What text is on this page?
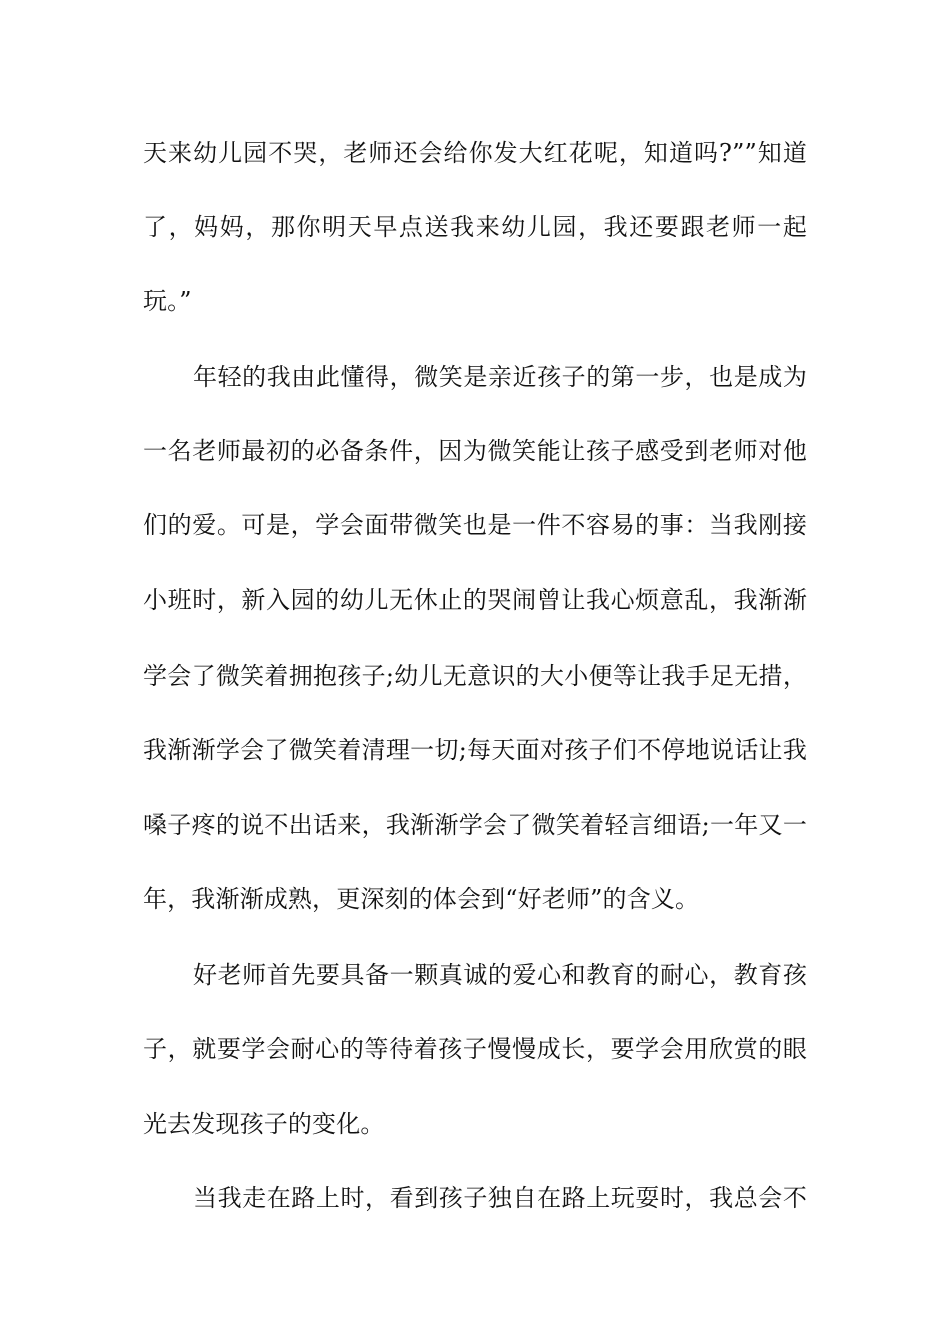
天来幼儿园不哭，老师还会给你发大红花呢，知道吗?””知道
了，妈妈，那你明天早点送我来幼儿园，我还要跟老师一起
玩。”
年轻的我由此懂得，微笑是亲近孩子的第一步，也是成为
一名老师最初的必备条件，因为微笑能让孩子感受到老师对他
们的爱。可是，学会面带微笑也是一件不容易的事：当我刚接
小班时，新入园的幼儿无休止的哭闹曾让我心烦意乱，我渐渐
学会了微笑着拥抱孩子;幼儿无意识的大小便等让我手足无措，
我渐渐学会了微笑着清理一切;每天面对孩子们不停地说话让我
嗓子疼的说不出话来，我渐渐学会了微笑着轻言细语;一年又一
年，我渐渐成熟，更深刻的体会到“好老师”的含义。
好老师首先要具备一颗真诚的爱心和教育的耐心，教育孩
子，就要学会耐心的等待着孩子慢慢成长，要学会用欣赏的眼
光去发现孩子的变化。
当我走在路上时，看到孩子独自在路上玩耍时，我总会不
